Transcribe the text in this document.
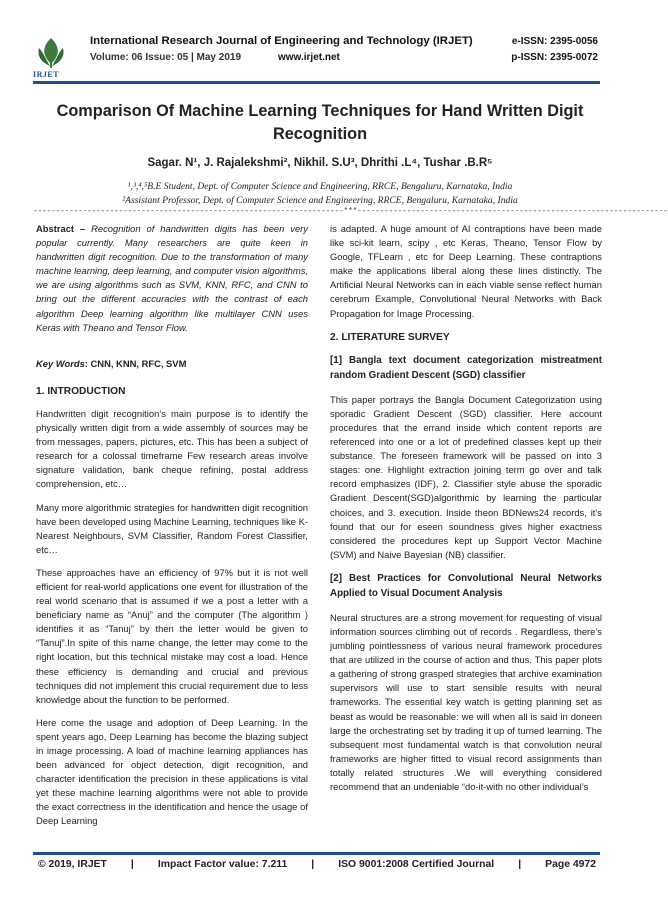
IRJET
International Research Journal of Engineering and Technology (IRJET)	e-ISSN: 2395-0056
Volume: 06 Issue: 05 | May 2019	www.irjet.net	p-ISSN: 2395-0072
Comparison Of Machine Learning Techniques for Hand Written Digit Recognition
Sagar. N¹, J. Rajalekshmi², Nikhil. S.U³, Dhrithi .L⁴, Tushar .B.R⁵
¹,³,⁴,⁵B.E Student, Dept. of Computer Science and Engineering, RRCE, Bengaluru, Karnataka, India
²Assistant Professor, Dept. of Computer Science and Engineering, RRCE, Bengaluru, Karnataka, India
---------------------------------------------------------------------***---------------------------------------------------------------------

Abstract – Recognition of handwritten digits has been very popular currently. Many researchers are quite keen in handwritten digit recognition. Due to the transformation of many machine learning, deep learning, and computer vision algorithms, we are using algorithms such as SVM, KNN, RFC, and CNN to bring out the different accuracies with the contrast of each algorithm Deep learning algorithm like multilayer CNN uses Keras with Theano and Tensor Flow.

Key Words: CNN, KNN, RFC, SVM

1. INTRODUCTION

Handwritten digit recognition’s main purpose is to identify the physically written digit from a wide assembly of sources may be from messages, papers, pictures, etc. This has been a subject of research for a colossal timeframe Few research areas involve signature validation, bank cheque refining, postal address comprehension, etc…

Many more algorithmic strategies for handwritten digit recognition have been developed using Machine Learning, techniques like K-Nearest Neighbours, SVM Classifier, Random Forest Classifier, etc…

These approaches have an efficiency of 97% but it is not well efficient for real-world applications one event for illustration of the real world scenario that is assumed if we a post a letter with a beneficiary name as “Anuj” and the computer (The algorithm ) identifies it as “Tanuj” by then the letter would be given to “Tanuj”.In spite of this name change, the letter may come to the right location, but this technical mistake may cost a load. Hence these efficiency is demanding and crucial and previous techniques did not implement this crucial requirement due to less knowledge about the function to be performed.

Here come the usage and adoption of Deep Learning. In the spent years ago, Deep Learning has become the blazing subject in image processing. A load of machine learning appliances has been advanced for object detection, digit recognition, and character identification the precision in these applications is vital yet these machine learning algorithms were not able to provide the exact correctness in the identification and hence the usage of Deep Learning

is adapted. A huge amount of AI contraptions have been made like sci-kit learn, scipy , etc Keras, Theano, Tensor Flow by Google, TFLearn , etc for Deep Learning. These contraptions make the applications liberal along these lines distinctly. The Artificial Neural Networks can in each viable sense reflect human cerebrum Example, Convolutional Neural Networks with Back Propagation for Image Processing.

2. LITERATURE SURVEY
[1] Bangla text document categorization mistreatment random Gradient Descent (SGD) classifier

This paper portrays the Bangla Document Categorization using sporadic Gradient Descent (SGD) classifier. Here account procedures that the errand inside which content reports are referenced into one or a lot of predefined classes kept up their substance. The foreseen framework will be passed on into 3 stages: one. Highlight extraction joining term go over and talk record emphasizes (IDF), 2. Classifier style abuse the sporadic Gradient Descent(SGD)algorithmic by learning the particular choices, and 3. execution. Inside theon BDNews24 records, it’s found that our for eseen soundness gives higher exactness considered the procedures kept up Support Vector Machine (SVM) and Naive Bayesian (NB) classifier.

[2] Best Practices for Convolutional Neural Networks Applied to Visual Document Analysis

Neural structures are a strong movement for requesting of visual information sources climbing out of records . Regardless, there’s jumbling pointlessness of various neural framework procedures that are utilized in the course of action and thus. This paper plots a gathering of strong grasped strategies that archive examination supervisors will use to start sensible results with neural frameworks. The essential key watch is getting planning set as beast as would be reasonable: we will when all is said in doneen large the orchestrating set by trading it up of turned learning. The subsequent most fundamental watch is that convolution neural frameworks are higher fitted to visual record assignments than totally related structures .We will everything considered recommend that an undeniable “do-it-with no other individual’s

© 2019, IRJET | Impact Factor value: 7.211 | ISO 9001:2008 Certified Journal | Page 4972
